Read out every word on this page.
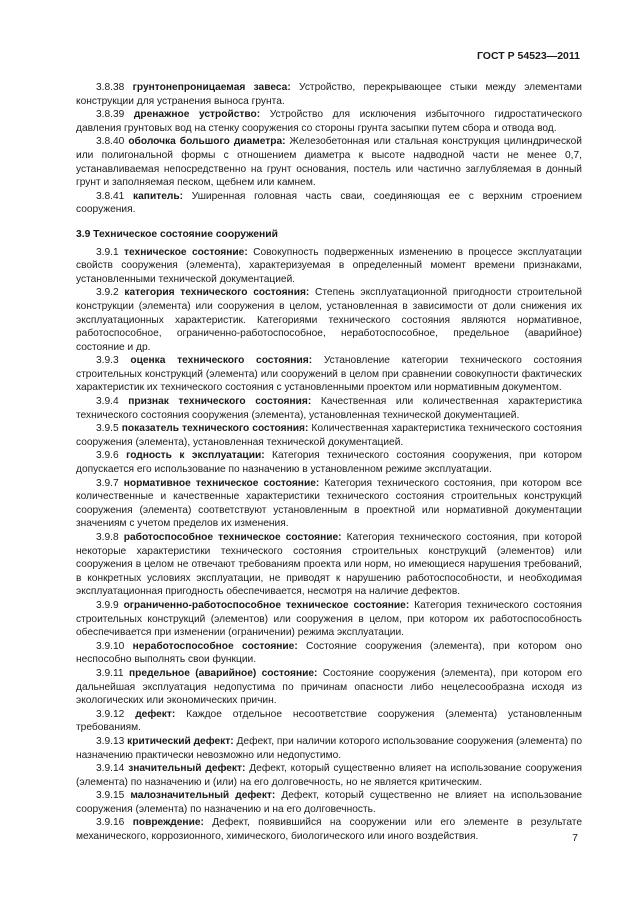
ГОСТ Р 54523—2011

3.8.38 грунтонепроницаемая завеса: Устройство, перекрывающее стыки между элементами конструкции для устранения выноса грунта.

3.8.39 дренажное устройство: Устройство для исключения избыточного гидростатического давления грунтовых вод на стенку сооружения со стороны грунта засыпки путем сбора и отвода вод.

3.8.40 оболочка большого диаметра: Железобетонная или стальная конструкция цилиндрической или полигональной формы с отношением диаметра к высоте надводной части не менее 0,7, устанавливаемая непосредственно на грунт основания, постель или частично заглубляемая в донный грунт и заполняемая песком, щебнем или камнем.

3.8.41 капитель: Уширенная головная часть сваи, соединяющая ее с верхним строением сооружения.

3.9 Техническое состояние сооружений

3.9.1 техническое состояние: Совокупность подверженных изменению в процессе эксплуатации свойств сооружения (элемента), характеризуемая в определенный момент времени признаками, установленными технической документацией.

3.9.2 категория технического состояния: Степень эксплуатационной пригодности строительной конструкции (элемента) или сооружения в целом, установленная в зависимости от доли снижения их эксплуатационных характеристик. Категориями технического состояния являются нормативное, работоспособное, ограниченно-работоспособное, неработоспособное, предельное (аварийное) состояние и др.

3.9.3 оценка технического состояния: Установление категории технического состояния строительных конструкций (элемента) или сооружений в целом при сравнении совокупности фактических характеристик их технического состояния с установленными проектом или нормативным документом.

3.9.4 признак технического состояния: Качественная или количественная характеристика технического состояния сооружения (элемента), установленная технической документацией.

3.9.5 показатель технического состояния: Количественная характеристика технического состояния сооружения (элемента), установленная технической документацией.

3.9.6 годность к эксплуатации: Категория технического состояния сооружения, при котором допускается его использование по назначению в установленном режиме эксплуатации.

3.9.7 нормативное техническое состояние: Категория технического состояния, при котором все количественные и качественные характеристики технического состояния строительных конструкций сооружения (элемента) соответствуют установленным в проектной или нормативной документации значениям с учетом пределов их изменения.

3.9.8 работоспособное техническое состояние: Категория технического состояния, при которой некоторые характеристики технического состояния строительных конструкций (элементов) или сооружения в целом не отвечают требованиям проекта или норм, но имеющиеся нарушения требований, в конкретных условиях эксплуатации, не приводят к нарушению работоспособности, и необходимая эксплуатационная пригодность обеспечивается, несмотря на наличие дефектов.

3.9.9 ограниченно-работоспособное техническое состояние: Категория технического состояния строительных конструкций (элементов) или сооружения в целом, при котором их работоспособность обеспечивается при изменении (ограничении) режима эксплуатации.

3.9.10 неработоспособное состояние: Состояние сооружения (элемента), при котором оно неспособно выполнять свои функции.

3.9.11 предельное (аварийное) состояние: Состояние сооружения (элемента), при котором его дальнейшая эксплуатация недопустима по причинам опасности либо нецелесообразна исходя из экологических или экономических причин.

3.9.12 дефект: Каждое отдельное несоответствие сооружения (элемента) установленным требованиям.

3.9.13 критический дефект: Дефект, при наличии которого использование сооружения (элемента) по назначению практически невозможно или недопустимо.

3.9.14 значительный дефект: Дефект, который существенно влияет на использование сооружения (элемента) по назначению и (или) на его долговечность, но не является критическим.

3.9.15 малозначительный дефект: Дефект, который существенно не влияет на использование сооружения (элемента) по назначению и на его долговечность.

3.9.16 повреждение: Дефект, появившийся на сооружении или его элементе в результате механического, коррозионного, химического, биологического или иного воздействия.	7
